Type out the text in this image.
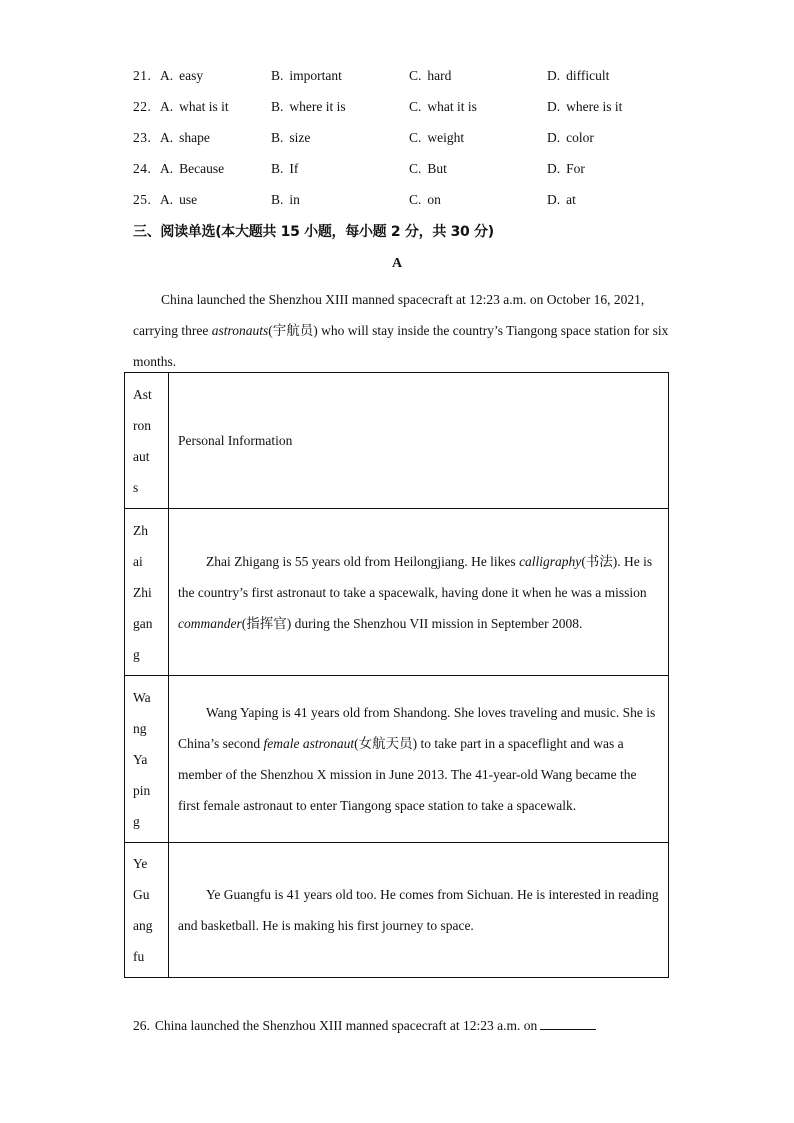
21. A. easy	B. important	C. hard	D. difficult
22. A. what is it	B. where it is	C. what it is	D. where is it
23. A. shape	B. size	C. weight	D. color
24. A. Because	B. If	C. But	D. For
25. A. use	B. in	C. on	D. at
三、阅读单选(本大题共 15 小题，每小题 2 分，共 30 分)
A
China launched the Shenzhou XIII manned spacecraft at 12:23 a.m. on October 16, 2021, carrying three astronauts(宇航员) who will stay inside the country’s Tiangong space station for six months.
Ast
ron
aut
s	Personal Information

Zh
ai
Zhi
gan
g
	Zhai Zhigang is 55 years old from Heilongjiang. He likes calligraphy(书法). He is the country’s first astronaut to take a spacewalk, having done it when he was a mission commander(指挥官) during the Shenzhou VII mission in September 2008.

Wa
ng
Ya
pin
g
	Wang Yaping is 41 years old from Shandong. She loves traveling and music. She is China’s second female astronaut(女航天员) to take part in a spaceflight and was a member of the Shenzhou X mission in June 2013. The 41-year-old Wang became the first female astronaut to enter Tiangong space station to take a spacewalk.

Ye
Gu
ang
fu	Ye Guangfu is 41 years old too. He comes from Sichuan. He is interested in reading and basketball. He is making his first journey to space.
26. China launched the Shenzhou XIII manned spacecraft at 12:23 a.m. on
